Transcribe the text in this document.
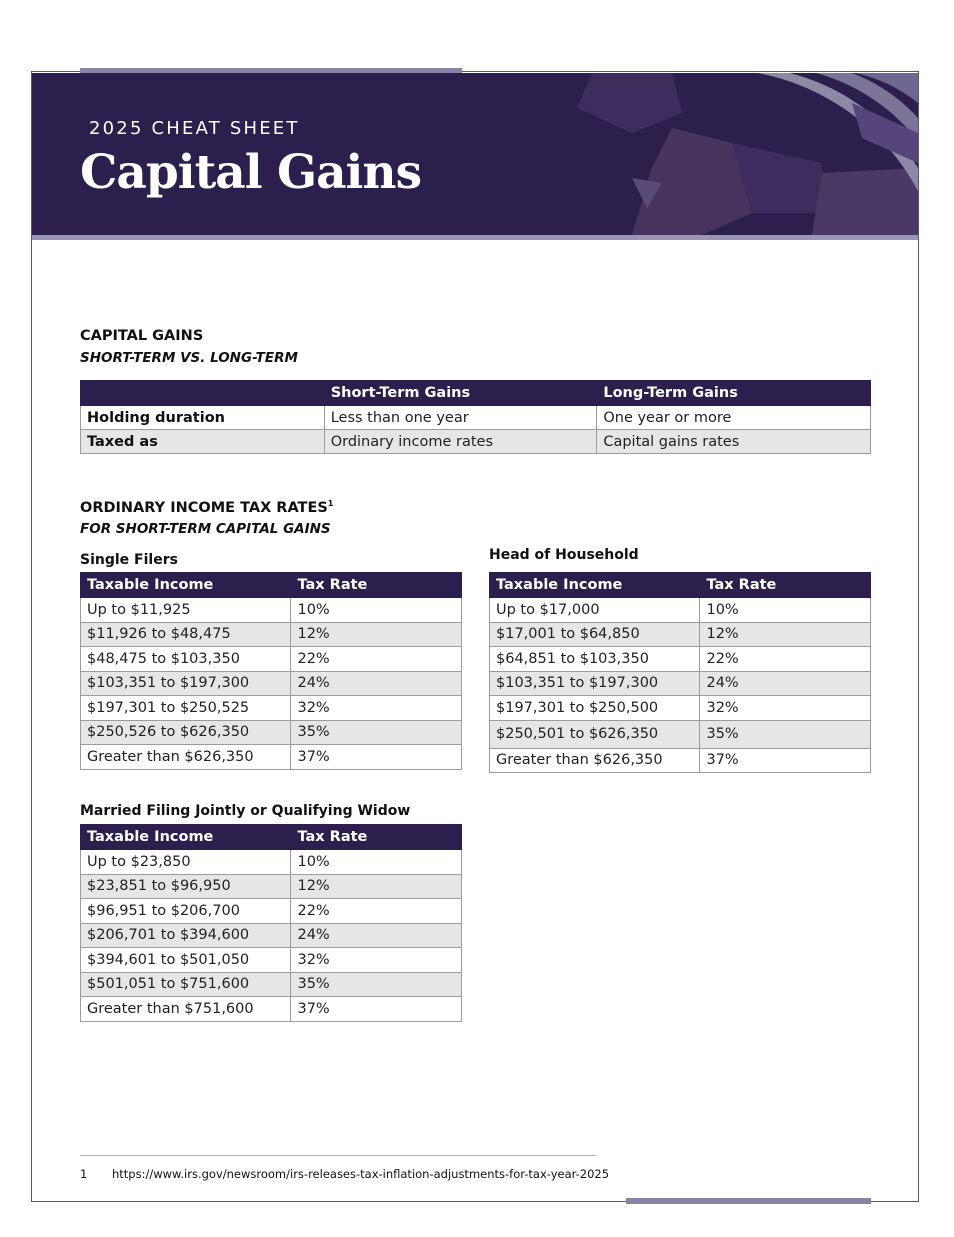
2025 CHEAT SHEET
Capital Gains
CAPITAL GAINS
SHORT-TERM VS. LONG-TERM
	Short-Term Gains	Long-Term Gains
Holding duration	Less than one year	One year or more
Taxed as	Ordinary income rates	Capital gains rates
ORDINARY INCOME TAX RATES$^1$
FOR SHORT-TERM CAPITAL GAINS
Single Filers
Taxable Income	Tax Rate
Up to $11,925	10%
$11,926 to $48,475	12%
$48,475 to $103,350	22%
$103,351 to $197,300	24%
$197,301 to $250,525	32%
$250,526 to $626,350	35%
Greater than $626,350	37%
Head of Household
Taxable Income	Tax Rate
Up to $17,000	10%
$17,001 to $64,850	12%
$64,851 to $103,350	22%
$103,351 to $197,300	24%
$197,301 to $250,500	32%
$250,501 to $626,350	35%
Greater than $626,350	37%
Married Filing Jointly or Qualifying Widow
Taxable Income	Tax Rate
Up to $23,850	10%
$23,851 to $96,950	12%
$96,951 to $206,700	22%
$206,701 to $394,600	24%
$394,601 to $501,050	32%
$501,051 to $751,600	35%
Greater than $751,600	37%
1 https://www.irs.gov/newsroom/irs-releases-tax-inflation-adjustments-for-tax-year-2025
